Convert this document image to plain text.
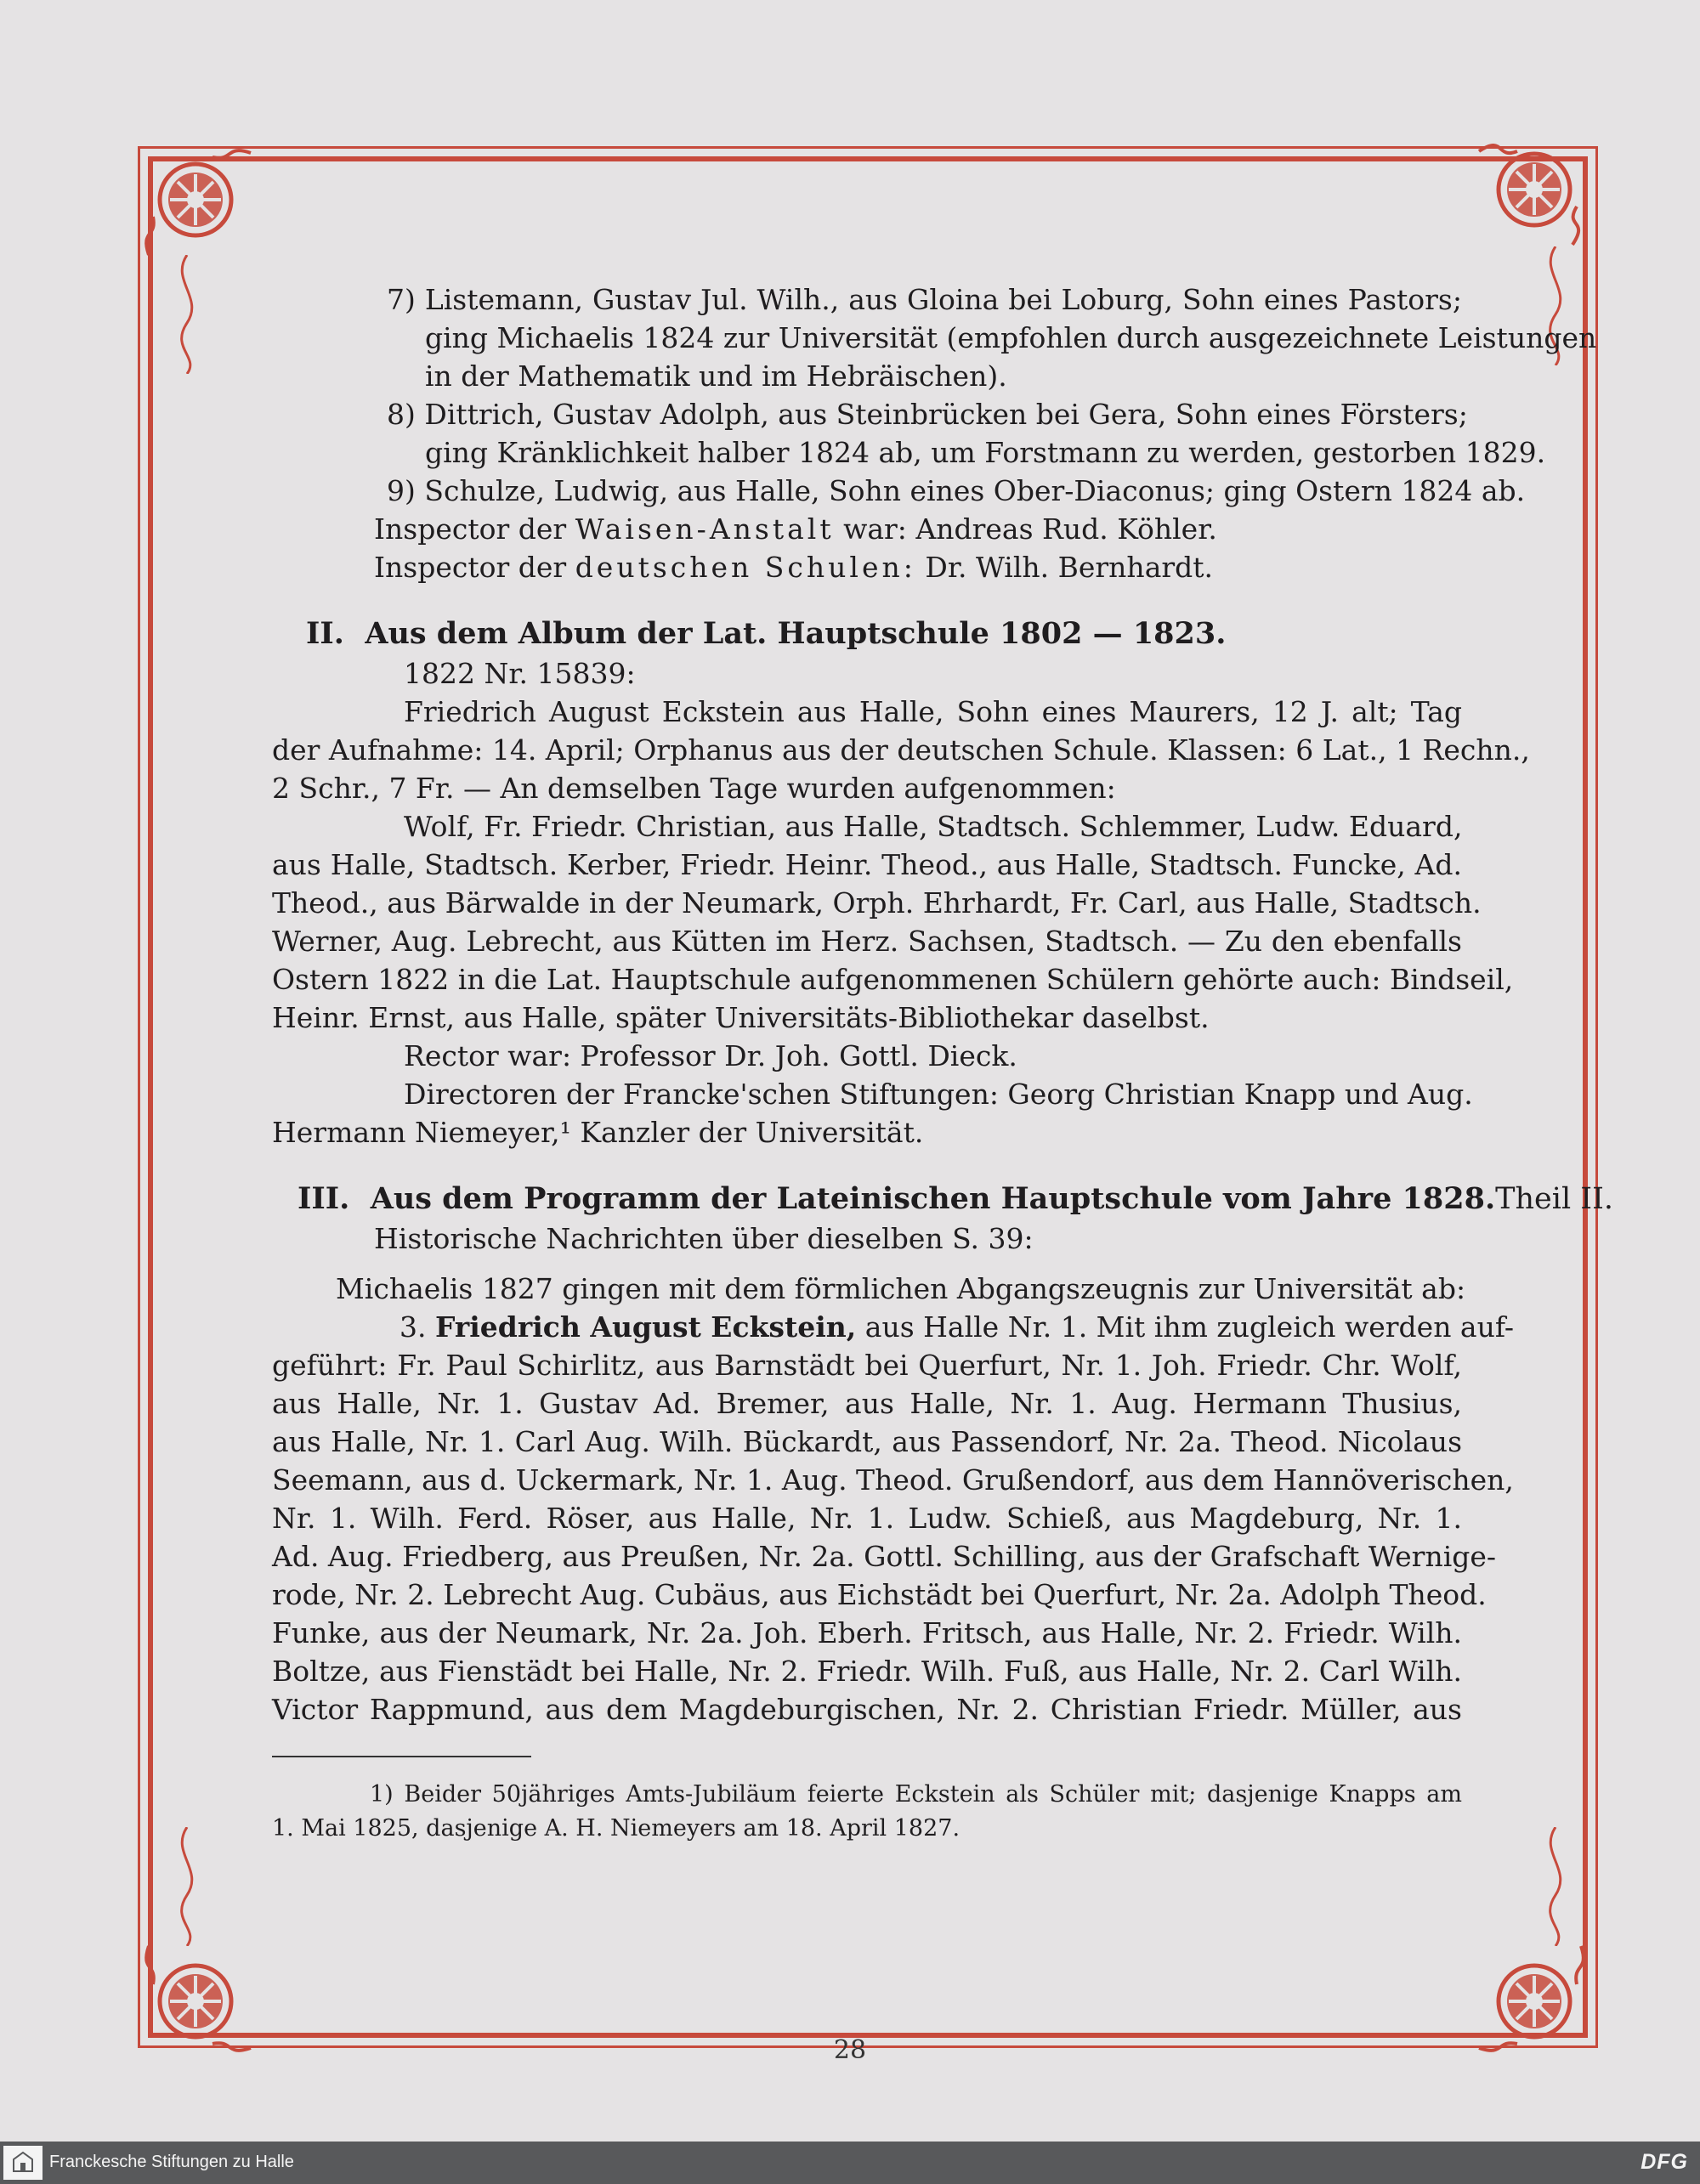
7) Listemann, Gustav Jul. Wilh., aus Gloina bei Loburg, Sohn eines Pastors;
ging Michaelis 1824 zur Universität (empfohlen durch ausgezeichnete Leistungen
in der Mathematik und im Hebräischen).
8) Dittrich, Gustav Adolph, aus Steinbrücken bei Gera, Sohn eines Försters;
ging Kränklichkeit halber 1824 ab, um Forstmann zu werden, gestorben 1829.
9) Schulze, Ludwig, aus Halle, Sohn eines Ober-Diaconus; ging Ostern 1824 ab.
Inspector der Waisen-Anstalt war: Andreas Rud. Köhler.
Inspector der deutschen Schulen: Dr. Wilh. Bernhardt.
II. Aus dem Album der Lat. Hauptschule 1802 — 1823.
1822 Nr. 15839:
Friedrich August Eckstein aus Halle, Sohn eines Maurers, 12 J. alt; Tag
der Aufnahme: 14. April; Orphanus aus der deutschen Schule. Klassen: 6 Lat., 1 Rechn.,
2 Schr., 7 Fr. — An demselben Tage wurden aufgenommen:
Wolf, Fr. Friedr. Christian, aus Halle, Stadtsch. Schlemmer, Ludw. Eduard,
aus Halle, Stadtsch. Kerber, Friedr. Heinr. Theod., aus Halle, Stadtsch. Funcke, Ad.
Theod., aus Bärwalde in der Neumark, Orph. Ehrhardt, Fr. Carl, aus Halle, Stadtsch.
Werner, Aug. Lebrecht, aus Kütten im Herz. Sachsen, Stadtsch. — Zu den ebenfalls
Ostern 1822 in die Lat. Hauptschule aufgenommenen Schülern gehörte auch: Bindseil,
Heinr. Ernst, aus Halle, später Universitäts-Bibliothekar daselbst.
Rector war: Professor Dr. Joh. Gottl. Dieck.
Directoren der Francke'schen Stiftungen: Georg Christian Knapp und Aug.
Hermann Niemeyer,¹ Kanzler der Universität.
III.
Aus dem Programm der Lateinischen Hauptschule vom Jahre 1828. Theil II.
Historische Nachrichten über dieselben S. 39:
Michaelis 1827 gingen mit dem förmlichen Abgangszeugnis zur Universität ab:
3. Friedrich August Eckstein, aus Halle Nr. 1. Mit ihm zugleich werden auf-
geführt: Fr. Paul Schirlitz, aus Barnstädt bei Querfurt, Nr. 1. Joh. Friedr. Chr. Wolf,
aus Halle, Nr. 1. Gustav Ad. Bremer, aus Halle, Nr. 1. Aug. Hermann Thusius,
aus Halle, Nr. 1. Carl Aug. Wilh. Bückardt, aus Passendorf, Nr. 2a. Theod. Nicolaus
Seemann, aus d. Uckermark, Nr. 1. Aug. Theod. Grußendorf, aus dem Hannöverischen,
Nr. 1. Wilh. Ferd. Röser, aus Halle, Nr. 1. Ludw. Schieß, aus Magdeburg, Nr. 1.
Ad. Aug. Friedberg, aus Preußen, Nr. 2a. Gottl. Schilling, aus der Grafschaft Wernige-
rode, Nr. 2. Lebrecht Aug. Cubäus, aus Eichstädt bei Querfurt, Nr. 2a. Adolph Theod.
Funke, aus der Neumark, Nr. 2a. Joh. Eberh. Fritsch, aus Halle, Nr. 2. Friedr. Wilh.
Boltze, aus Fienstädt bei Halle, Nr. 2. Friedr. Wilh. Fuß, aus Halle, Nr. 2. Carl Wilh.
Victor Rappmund, aus dem Magdeburgischen, Nr. 2. Christian Friedr. Müller, aus
1) Beider 50jähriges Amts-Jubiläum feierte Eckstein als Schüler mit; dasjenige Knapps am
1. Mai 1825, dasjenige A. H. Niemeyers am 18. April 1827.
28
Franckesche Stiftungen zu Halle	DFG
